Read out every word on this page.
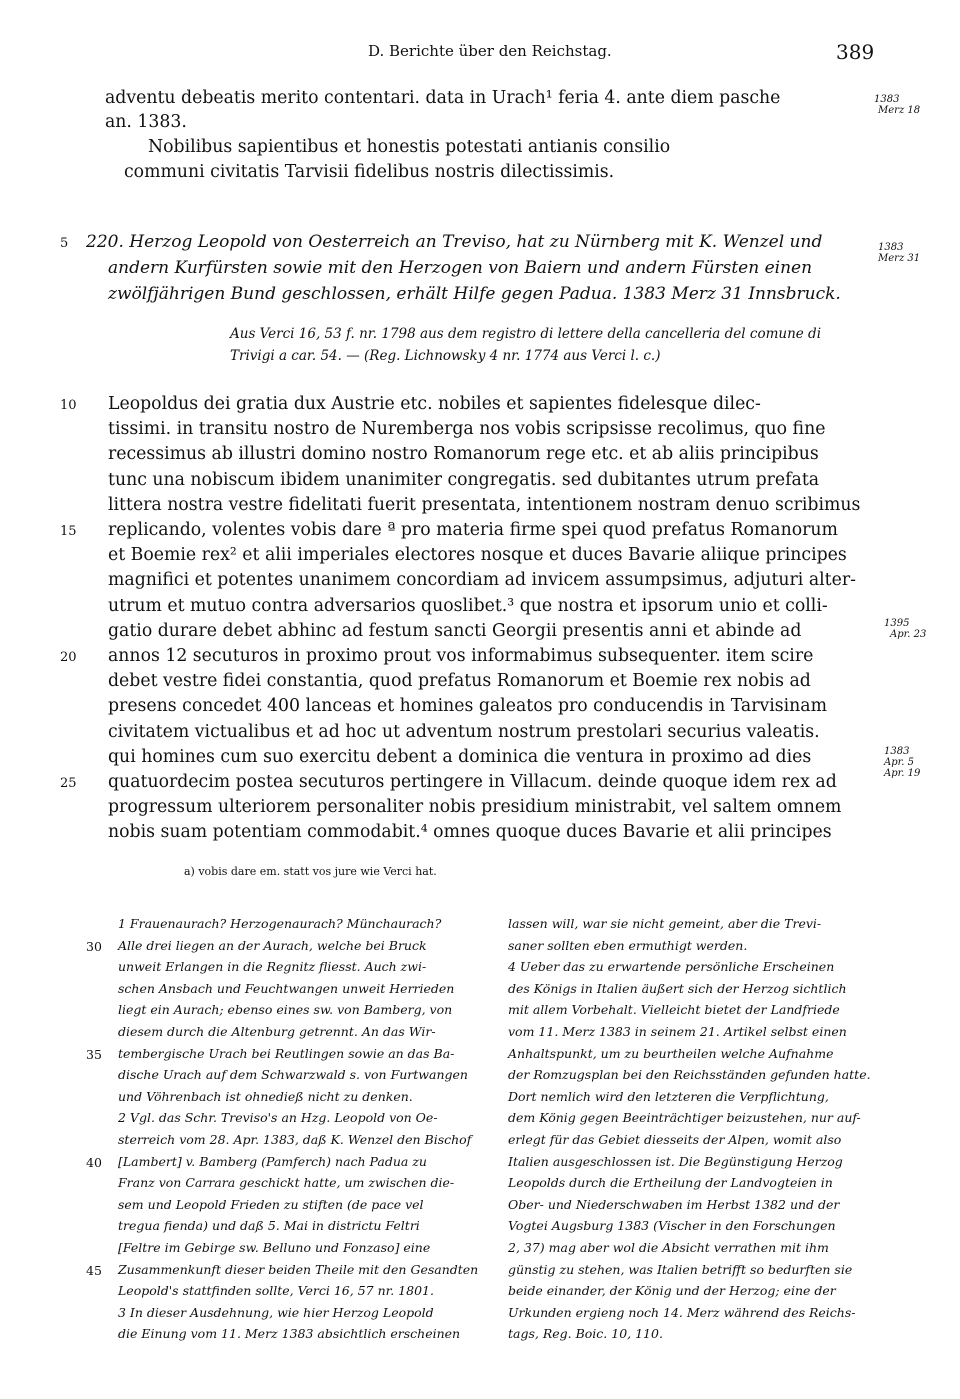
D. Berichte über den Reichstag.	389
adventu debeatis merito contentari. data in Urach¹ feria 4. ante diem pasche
an. 1383.
Nobilibus sapientibus et honestis potestati antianis consilio
communi civitatis Tarvisii fidelibus nostris dilectissimis.
1383
Merz 18
5 220. Herzog Leopold von Oesterreich an Treviso, hat zu Nürnberg mit K. Wenzel und
andern Kurfürsten sowie mit den Herzogen von Baiern und andern Fürsten einen
zwölfjährigen Bund geschlossen, erhält Hilfe gegen Padua. 1383 Merz 31 Innsbruck.
1383
Merz 31
Aus Verci 16, 53 f. nr. 1798 aus dem registro di lettere della cancelleria del comune di
Trivigi a car. 54. — (Reg. Lichnowsky 4 nr. 1774 aus Verci l. c.)
10 Leopoldus dei gratia dux Austrie etc. nobiles et sapientes fidelesque dilec-
tissimi. in transitu nostro de Nuremberga nos vobis scripsisse recolimus, quo fine
recessimus ab illustri domino nostro Romanorum rege etc. et ab aliis principibus
tunc una nobiscum ibidem unanimiter congregatis. sed dubitantes utrum prefata
littera nostra vestre fidelitati fuerit presentata, intentionem nostram denuo scribimus
15 replicando, volentes vobis dare ª pro materia firme spei quod prefatus Romanorum
et Boemie rex² et alii imperiales electores nosque et duces Bavarie aliique principes
magnifici et potentes unanimem concordiam ad invicem assumpsimus, adjuturi alter-
utrum et mutuo contra adversarios quoslibet.³ que nostra et ipsorum unio et colli-
gatio durare debet abhinc ad festum sancti Georgii presentis anni et abinde ad
20 annos 12 secuturos in proximo prout vos informabimus subsequenter. item scire
debet vestre fidei constantia, quod prefatus Romanorum et Boemie rex nobis ad
presens concedet 400 lanceas et homines galeatos pro conducendis in Tarvisinam
civitatem victualibus et ad hoc ut adventum nostrum prestolari securius valeatis.
qui homines cum suo exercitu debent a dominica die ventura in proximo ad dies
25 quatuordecim postea secuturos pertingere in Villacum. deinde quoque idem rex ad
progressum ulteriorem personaliter nobis presidium ministrabit, vel saltem omnem
nobis suam potentiam commodabit.⁴ omnes quoque duces Bavarie et alii principes
1395
Apr. 23
1383
Apr. 5
Apr. 19
a) vobis dare em. statt vos jure wie Verci hat.
1 Frauenaurach? Herzogenaurach? Münchaurach?
30 Alle drei liegen an der Aurach, welche bei Bruck
unweit Erlangen in die Regnitz fliesst. Auch zwi-
schen Ansbach und Feuchtwangen unweit Herrieden
liegt ein Aurach; ebenso eines sw. von Bamberg, von
diesem durch die Altenburg getrennt. An das Wir-
35 tembergische Urach bei Reutlingen sowie an das Ba-
dische Urach auf dem Schwarzwald s. von Furtwangen
und Vöhrenbach ist ohnedieß nicht zu denken.
2 Vgl. das Schr. Treviso's an Hzg. Leopold von Oe-
sterreich vom 28. Apr. 1383, daß K. Wenzel den Bischof
40 [Lambert] v. Bamberg (Pamferch) nach Padua zu
Franz von Carrara geschickt hatte, um zwischen die-
sem und Leopold Frieden zu stiften (de pace vel
tregua fienda) und daß 5. Mai in districtu Feltri
[Feltre im Gebirge sw. Belluno und Fonzaso] eine
45 Zusammenkunft dieser beiden Theile mit den Gesandten
Leopold's stattfinden sollte, Verci 16, 57 nr. 1801.
3 In dieser Ausdehnung, wie hier Herzog Leopold
die Einung vom 11. Merz 1383 absichtlich erscheinen
lassen will, war sie nicht gemeint, aber die Trevi-
saner sollten eben ermuthigt werden.
4 Ueber das zu erwartende persönliche Erscheinen
des Königs in Italien äußert sich der Herzog sichtlich
mit allem Vorbehalt. Vielleicht bietet der Landfriede
vom 11. Merz 1383 in seinem 21. Artikel selbst einen
Anhaltspunkt, um zu beurtheilen welche Aufnahme
der Romzugsplan bei den Reichsständen gefunden hatte.
Dort nemlich wird den letzteren die Verpflichtung,
dem König gegen Beeinträchtiger beizustehen, nur auf-
erlegt für das Gebiet diesseits der Alpen, womit also
Italien ausgeschlossen ist. Die Begünstigung Herzog
Leopolds durch die Ertheilung der Landvogteien in
Ober- und Niederschwaben im Herbst 1382 und der
Vogtei Augsburg 1383 (Vischer in den Forschungen
2, 37) mag aber wol die Absicht verrathen mit ihm
günstig zu stehen, was Italien betrifft so bedurften sie
beide einander, der König und der Herzog; eine der
Urkunden ergieng noch 14. Merz während des Reichs-
tags, Reg. Boic. 10, 110.
